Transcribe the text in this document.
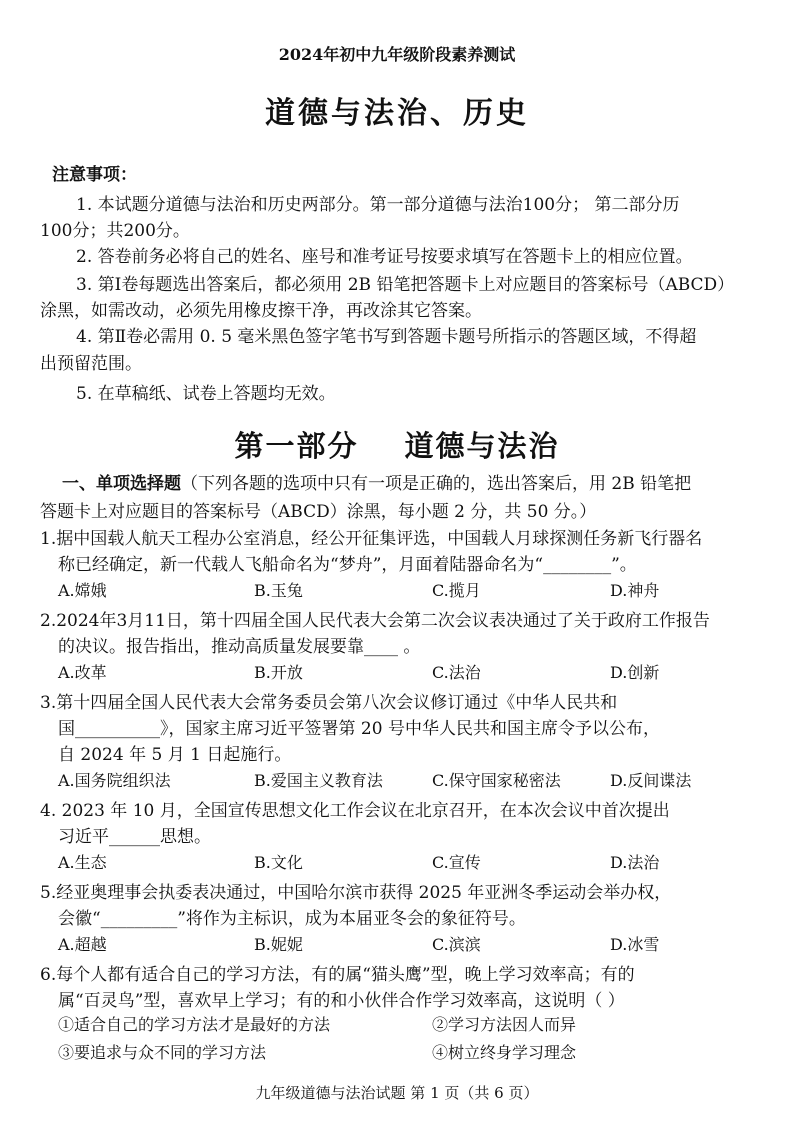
2024年初中九年级阶段素养测试
道德与法治、历史
注意事项：
1. 本试题分道德与法治和历史两部分。第一部分道德与法治100分； 第二部分历
100分；共200分。
2. 答卷前务必将自己的姓名、座号和准考证号按要求填写在答题卡上的相应位置。
3. 第Ⅰ卷每题选出答案后，都必须用 2B 铅笔把答题卡上对应题目的答案标号（ABCD）
涂黑，如需改动，必须先用橡皮擦干净，再改涂其它答案。
4. 第Ⅱ卷必需用 0. 5 毫米黑色签字笔书写到答题卡题号所指示的答题区域，不得超
出预留范围。
5. 在草稿纸、试卷上答题均无效。
第一部分 道德与法治
一、单项选择题（下列各题的选项中只有一项是正确的，选出答案后，用 2B 铅笔把
答题卡上对应题目的答案标号（ABCD）涂黑，每小题 2 分，共 50 分。）
1.据中国载人航天工程办公室消息，经公开征集评选，中国载人月球探测任务新飞行器名
称已经确定，新一代载人飞船命名为“梦舟”，月面着陆器命名为“________”。
A.嫦娥	B.玉兔	C.揽月	D.神舟
2.2024年3月11日，第十四届全国人民代表大会第二次会议表决通过了关于政府工作报告
的决议。报告指出，推动高质量发展要靠____ 。
A.改革	B.开放	C.法治	D.创新
3.第十四届全国人民代表大会常务委员会第八次会议修订通过《中华人民共和
国__________》，国家主席习近平签署第 20 号中华人民共和国主席令予以公布，
自 2024 年 5 月 1 日起施行。
A.国务院组织法	B.爱国主义教育法	C.保守国家秘密法	D.反间谍法
4. 2023 年 10 月，全国宣传思想文化工作会议在北京召开，在本次会议中首次提出
习近平______思想。
A.生态	B.文化	C.宣传	D.法治
5.经亚奥理事会执委表决通过，中国哈尔滨市获得 2025 年亚洲冬季运动会举办权，
会徽“_________”将作为主标识，成为本届亚冬会的象征符号。
A.超越	B.妮妮	C.滨滨	D.冰雪
6.每个人都有适合自己的学习方法，有的属“猫头鹰”型，晚上学习效率高；有的
属“百灵鸟”型，喜欢早上学习；有的和小伙伴合作学习效率高，这说明（ ）
①适合自己的学习方法才是最好的方法	②学习方法因人而异
③要追求与众不同的学习方法	④树立终身学习理念
九年级道德与法治试题 第 1 页（共 6 页）
